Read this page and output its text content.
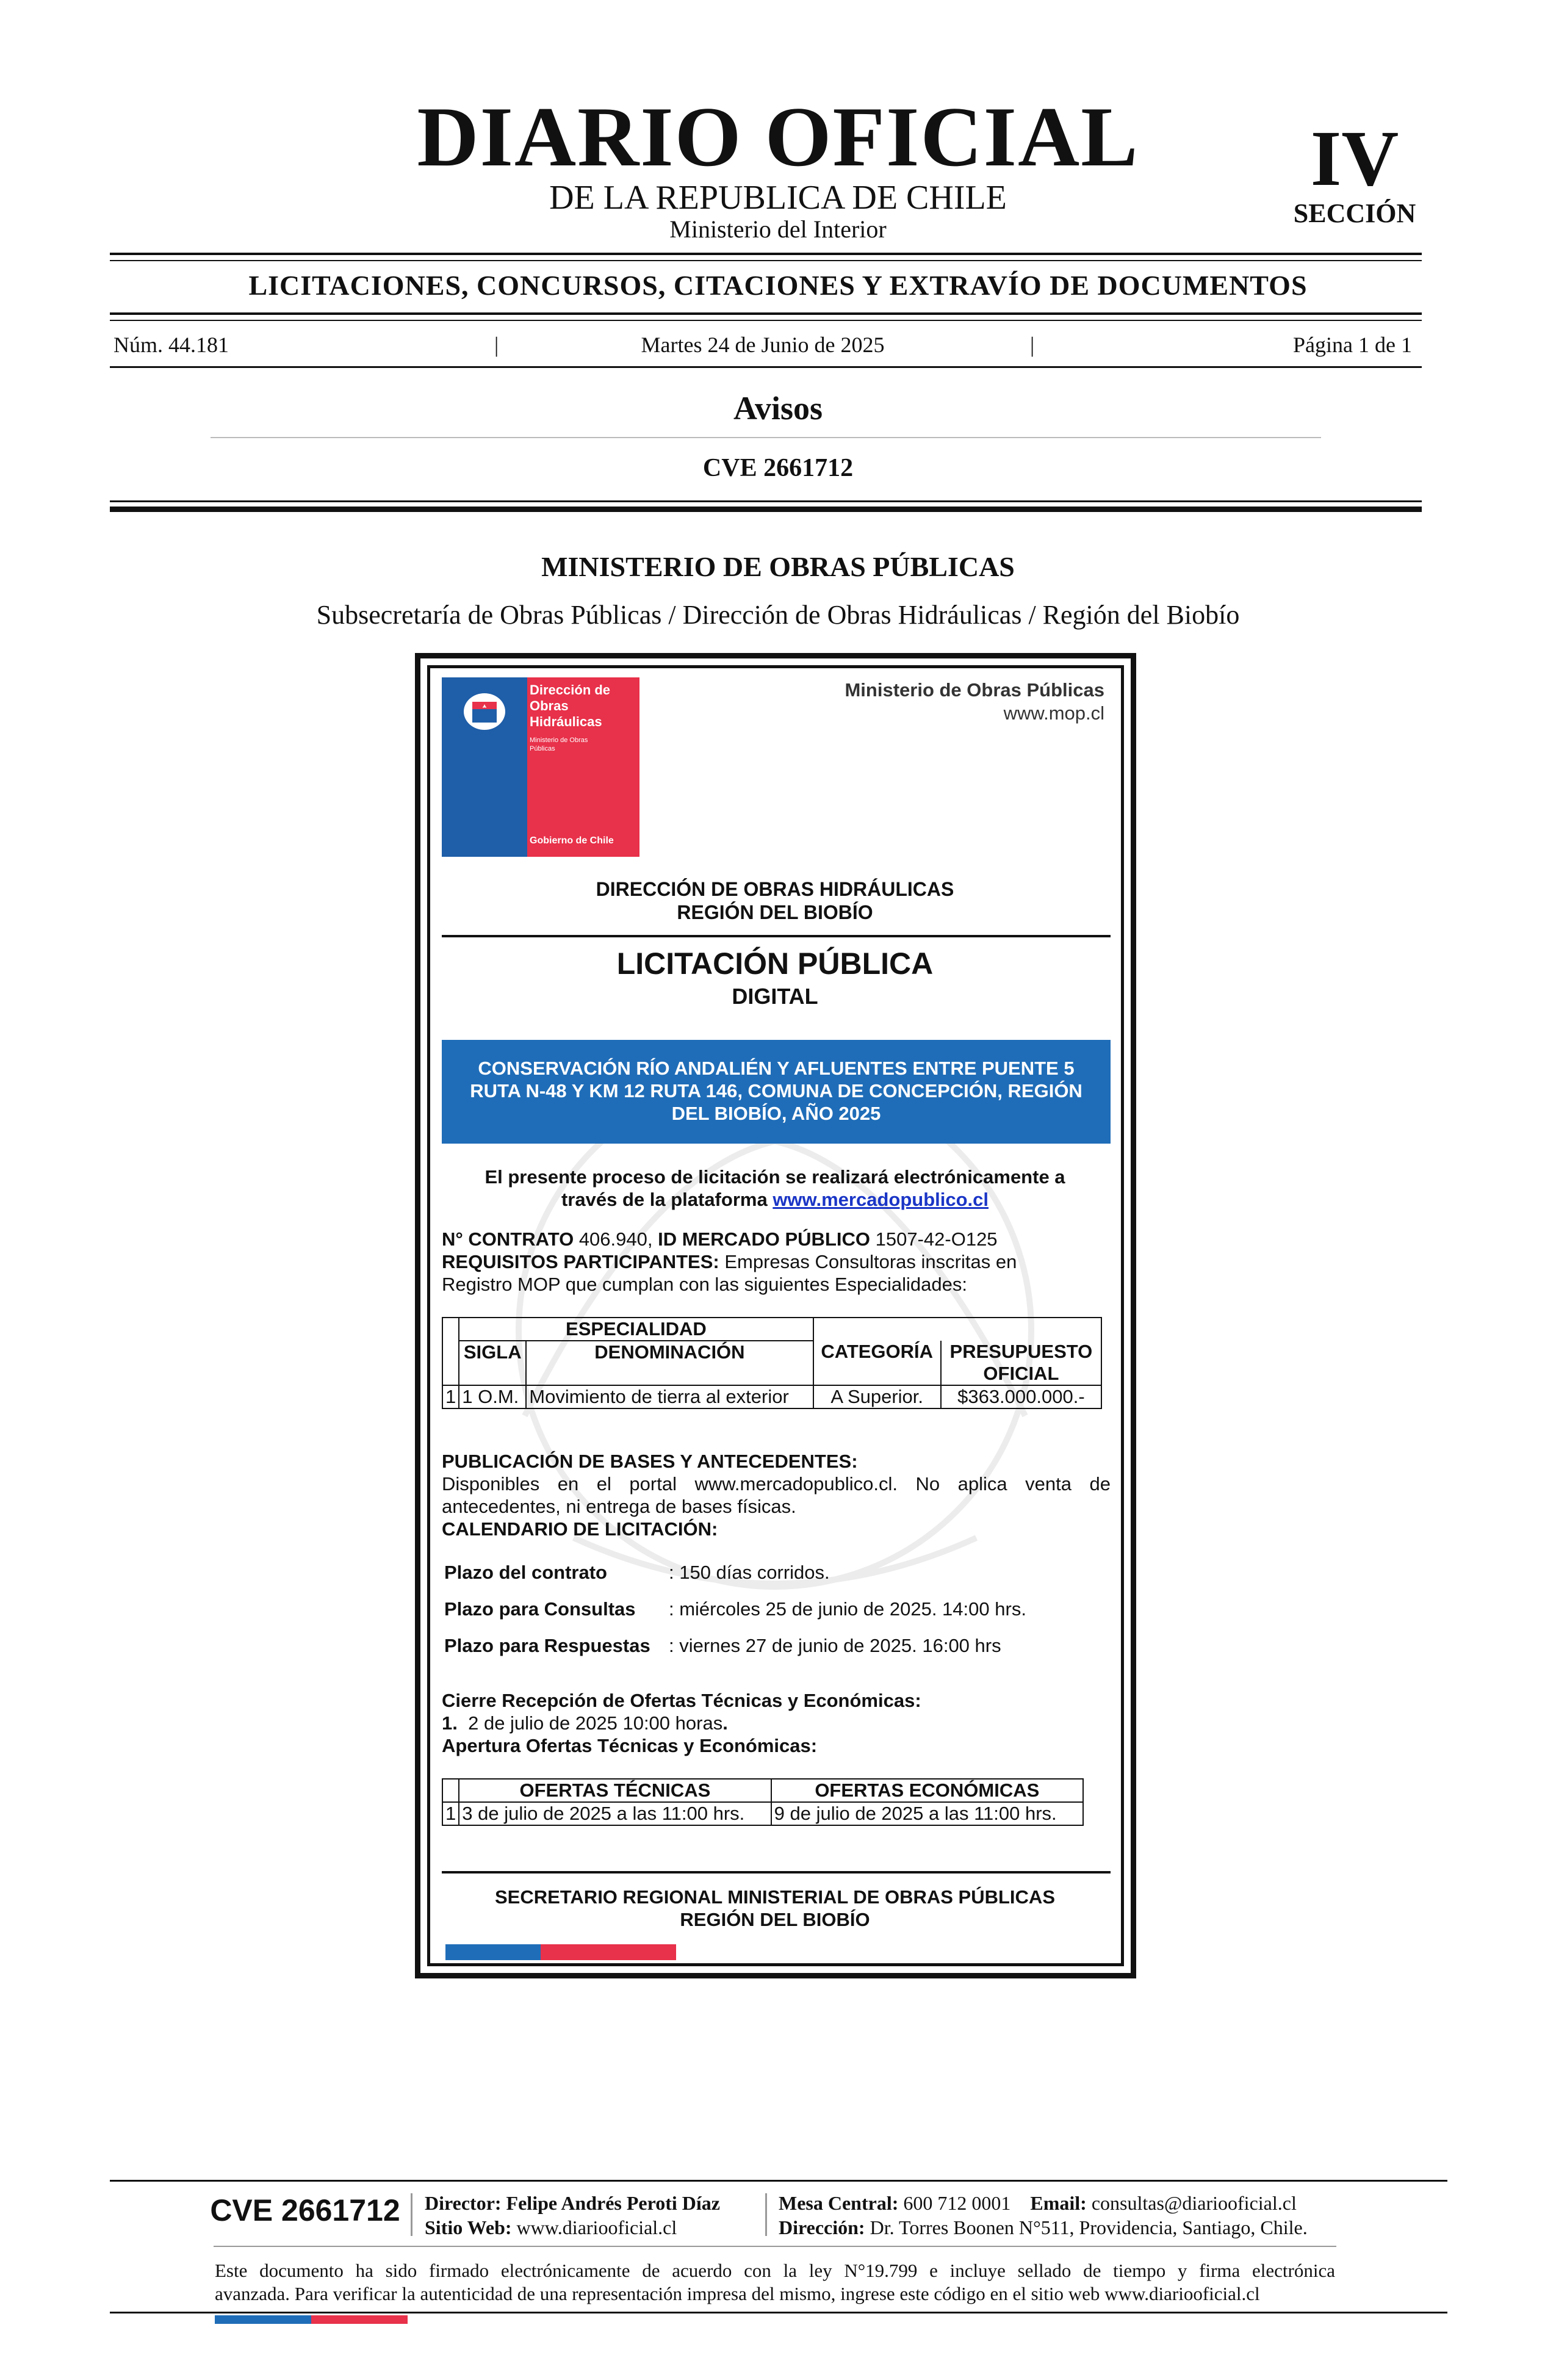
DIARIO OFICIAL
DE LA REPUBLICA DE CHILE
Ministerio del Interior
IV
SECCIÓN
LICITACIONES, CONCURSOS, CITACIONES Y EXTRAVÍO DE DOCUMENTOS
Núm. 44.181	|	Martes 24 de Junio de 2025	|	Página 1 de 1
Avisos
CVE 2661712
MINISTERIO DE OBRAS PÚBLICAS
Subsecretaría de Obras Públicas / Dirección de Obras Hidráulicas / Región del Biobío
Dirección de
Obras
Hidráulicas
Ministerio de Obras
Públicas
Gobierno de Chile
Ministerio de Obras Públicas
www.mop.cl
DIRECCIÓN DE OBRAS HIDRÁULICAS
REGIÓN DEL BIOBÍO
LICITACIÓN PÚBLICA
DIGITAL
CONSERVACIÓN RÍO ANDALIÉN Y AFLUENTES ENTRE PUENTE 5
RUTA N-48 Y KM 12 RUTA 146, COMUNA DE CONCEPCIÓN, REGIÓN
DEL BIOBÍO, AÑO 2025
El presente proceso de licitación se realizará electrónicamente a
través de la plataforma www.mercadopublico.cl
N° CONTRATO 406.940, ID MERCADO PÚBLICO 1507-42-O125
REQUISITOS PARTICIPANTES: Empresas Consultoras inscritas en
Registro MOP que cumplan con las siguientes Especialidades:
	ESPECIALIDAD			
	SIGLA	DENOMINACIÓN	CATEGORÍA	PRESUPUESTO
OFICIAL

1	1 O.M.	Movimiento de tierra al exterior	A Superior.	$363.000.000.-
PUBLICACIÓN DE BASES Y ANTECEDENTES:
Disponibles en el portal www.mercadopublico.cl. No aplica venta de
antecedentes, ni entrega de bases físicas.
CALENDARIO DE LICITACIÓN:
Plazo del contrato	: 150 días corridos.
Plazo para Consultas : miércoles 25 de junio de 2025. 14:00 hrs.
Plazo para Respuestas : viernes 27 de junio de 2025. 16:00 hrs
Cierre Recepción de Ofertas Técnicas y Económicas:
1. 2 de julio de 2025 10:00 horas.
Apertura Ofertas Técnicas y Económicas:
	OFERTAS TÉCNICAS	OFERTAS ECONÓMICAS
1	3 de julio de 2025 a las 11:00 hrs.	9 de julio de 2025 a las 11:00 hrs.
SECRETARIO REGIONAL MINISTERIAL DE OBRAS PÚBLICAS
REGIÓN DEL BIOBÍO
CVE 2661712	Director: Felipe Andrés Peroti Díaz
Sitio Web: www.diariooficial.cl
Mesa Central: 600 712 0001 Email: consultas@diariooficial.cl
Dirección: Dr. Torres Boonen N°511, Providencia, Santiago, Chile.
Este documento ha sido firmado electrónicamente de acuerdo con la ley N°19.799 e incluye sellado de tiempo y firma electrónica
avanzada. Para verificar la autenticidad de una representación impresa del mismo, ingrese este código en el sitio web www.diariooficial.cl
